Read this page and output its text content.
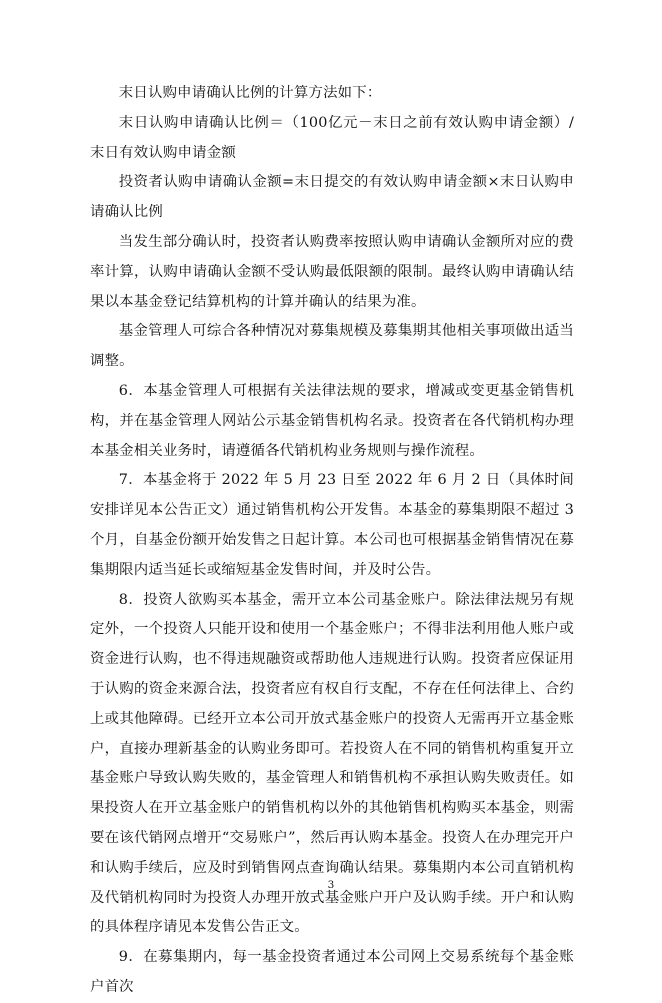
末日认购申请确认比例的计算方法如下：

末日认购申请确认比例＝（100亿元－末日之前有效认购申请金额）/末日有效认购申请金额

投资者认购申请确认金额=末日提交的有效认购申请金额×末日认购申请确认比例

当发生部分确认时，投资者认购费率按照认购申请确认金额所对应的费率计算，认购申请确认金额不受认购最低限额的限制。最终认购申请确认结果以本基金登记结算机构的计算并确认的结果为准。

基金管理人可综合各种情况对募集规模及募集期其他相关事项做出适当调整。

6．本基金管理人可根据有关法律法规的要求，增减或变更基金销售机构，并在基金管理人网站公示基金销售机构名录。投资者在各代销机构办理本基金相关业务时，请遵循各代销机构业务规则与操作流程。

7．本基金将于 2022 年 5 月 23 日至 2022 年 6 月 2 日（具体时间安排详见本公告正文）通过销售机构公开发售。本基金的募集期限不超过 3 个月，自基金份额开始发售之日起计算。本公司也可根据基金销售情况在募集期限内适当延长或缩短基金发售时间，并及时公告。

8．投资人欲购买本基金，需开立本公司基金账户。除法律法规另有规定外，一个投资人只能开设和使用一个基金账户；不得非法利用他人账户或资金进行认购，也不得违规融资或帮助他人违规进行认购。投资者应保证用于认购的资金来源合法，投资者应有权自行支配，不存在任何法律上、合约上或其他障碍。已经开立本公司开放式基金账户的投资人无需再开立基金账户，直接办理新基金的认购业务即可。若投资人在不同的销售机构重复开立基金账户导致认购失败的，基金管理人和销售机构不承担认购失败责任。如果投资人在开立基金账户的销售机构以外的其他销售机构购买本基金，则需要在该代销网点增开“交易账户”，然后再认购本基金。投资人在办理完开户和认购手续后，应及时到销售网点查询确认结果。募集期内本公司直销机构及代销机构同时为投资人办理开放式基金账户开户及认购手续。开户和认购的具体程序请见本发售公告正文。

9．在募集期内，每一基金投资者通过本公司网上交易系统每个基金账户首次

3
